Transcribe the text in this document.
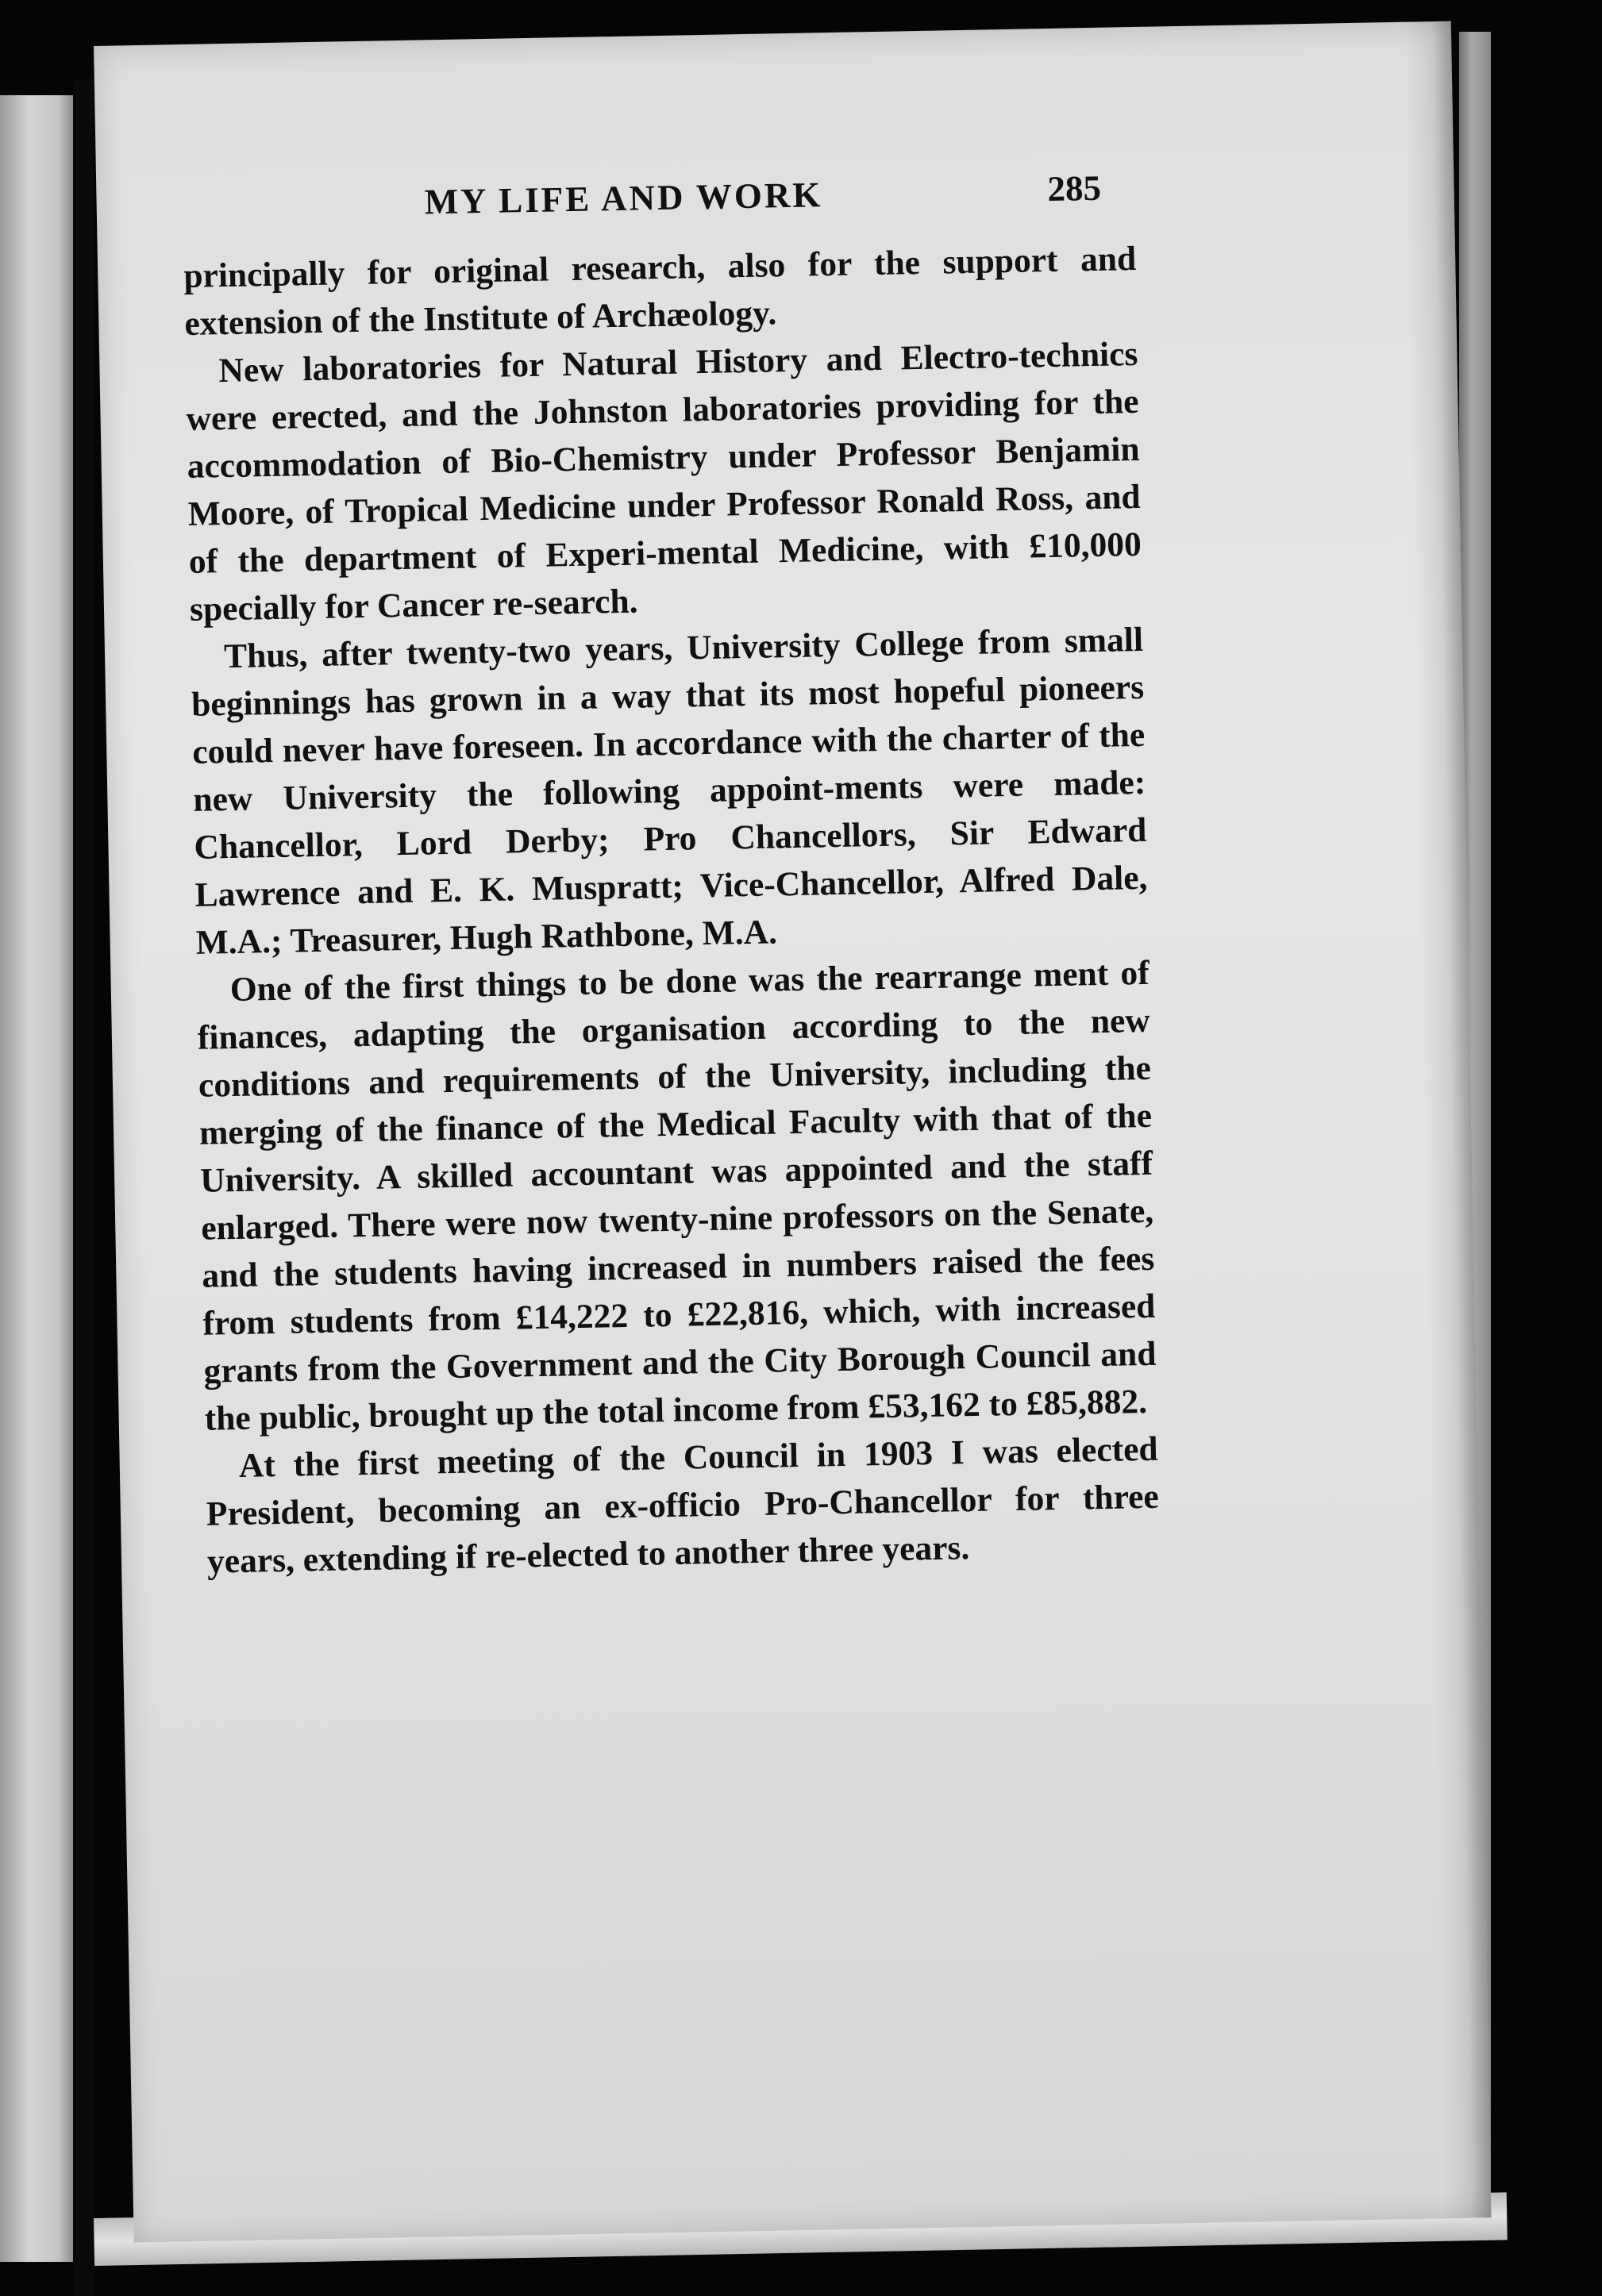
MY LIFE AND WORK	285

principally for original research, also for the support and extension of the Institute of Archæology.

New laboratories for Natural History and Electro-technics were erected, and the Johnston laboratories providing for the accommodation of Bio-Chemistry under Professor Benjamin Moore, of Tropical Medicine under Professor Ronald Ross, and of the department of Experi-mental Medicine, with £10,000 specially for Cancer re-search.

Thus, after twenty-two years, University College from small beginnings has grown in a way that its most hopeful pioneers could never have foreseen. In accordance with the charter of the new University the following appoint-ments were made: Chancellor, Lord Derby; Pro Chancellors, Sir Edward Lawrence and E. K. Muspratt; Vice-Chancellor, Alfred Dale, M.A.; Treasurer, Hugh Rathbone, M.A.

One of the first things to be done was the rearrange ment of finances, adapting the organisation according to the new conditions and requirements of the University, including the merging of the finance of the Medical Faculty with that of the University. A skilled accountant was appointed and the staff enlarged. There were now twenty-nine professors on the Senate, and the students having increased in numbers raised the fees from students from £14,222 to £22,816, which, with increased grants from the Government and the City Borough Council and the public, brought up the total income from £53,162 to £85,882.

At the first meeting of the Council in 1903 I was elected President, becoming an ex-officio Pro-Chancellor for three years, extending if re-elected to another three years.
